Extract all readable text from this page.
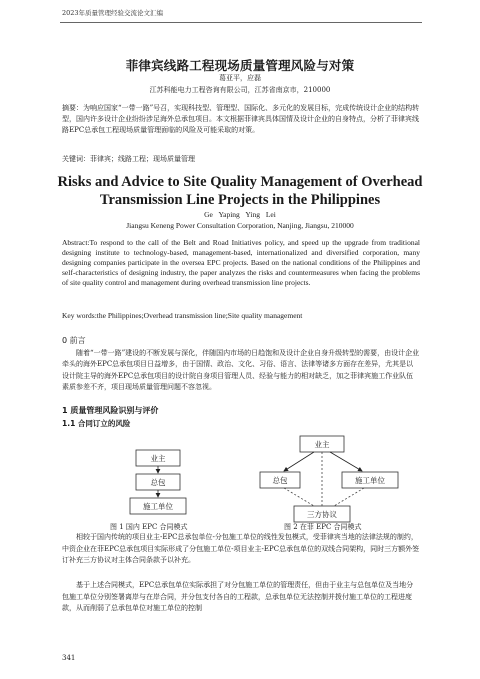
2023年质量管理经验交流论文汇编
菲律宾线路工程现场质量管理风险与对策
葛亚平，应磊
江苏科能电力工程咨询有限公司，江苏省南京市，210000
摘要：为响应国家“一带一路”号召，实现科技型、管理型、国际化、多元化的发展目标，完成传统设计企业的结构转型，国内许多设计企业纷纷涉足海外总承包项目。本文根据菲律宾具体国情及设计企业的自身特点，分析了菲律宾线路EPC总承包工程现场质量管理面临的风险及可能采取的对策。
关键词：菲律宾；线路工程；现场质量管理
Risks and Advice to Site Quality Management of Overhead
Transmission Line Projects in the Philippines
Ge Yaping Ying Lei
Jiangsu Keneng Power Consultation Corporation, Nanjing, Jiangsu, 210000
Abstract:To respond to the call of the Belt and Road Initiatives policy, and speed up the upgrade from traditional designing institute to technology-based, management-based, internationalized and diversified corporation, many designing companies participate in the oversea EPC projects. Based on the national conditions of the Philippines and self-characteristics of designing industry, the paper analyzes the risks and countermeasures when facing the problems of site quality control and management during overhead transmission line projects.
Key words:the Philippines;Overhead transmission line;Site quality management
0 前言
随着“一带一路”建设的不断发展与深化，伴随国内市场的日趋饱和及设计企业自身升级转型的需要，由设计企业牵头的海外EPC总承包项目日益增多，由于国情、政治、文化、习俗、语言、法律等诸多方面存在差异，尤其是以设计院主导的海外EPC总承包项目的设计院自身项目管理人员、经验与能力的相对缺乏，加之菲律宾施工作业队伍素质参差不齐，项目现场质量管理问题不容忽视。
1 质量管理风险识别与评价
1.1 合同订立的风险
业主
总包
施工单位
业主
总包	施工单位
三方协议
图 1 国内 EPC 合同模式	图 2 在菲 EPC 合同模式
相较于国内传统的项目业主-EPC总承包单位-分包施工单位的线性发包模式，受菲律宾当地的法律法规的制约，中资企业在菲EPC总承包项目实际形成了分包施工单位-项目业主-EPC总承包单位的双线合同架构，同时三方额外签订补充三方协议对主体合同条款予以补充。
基于上述合同模式，EPC总承包单位实际承担了对分包施工单位的管理责任，但由于业主与总包单位及当地分包施工单位分别签署离岸与在岸合同，并分包支付各自的工程款，总承包单位无法控制并拨付施工单位的工程进度款，从而削弱了总承包单位对施工单位的控制
341
